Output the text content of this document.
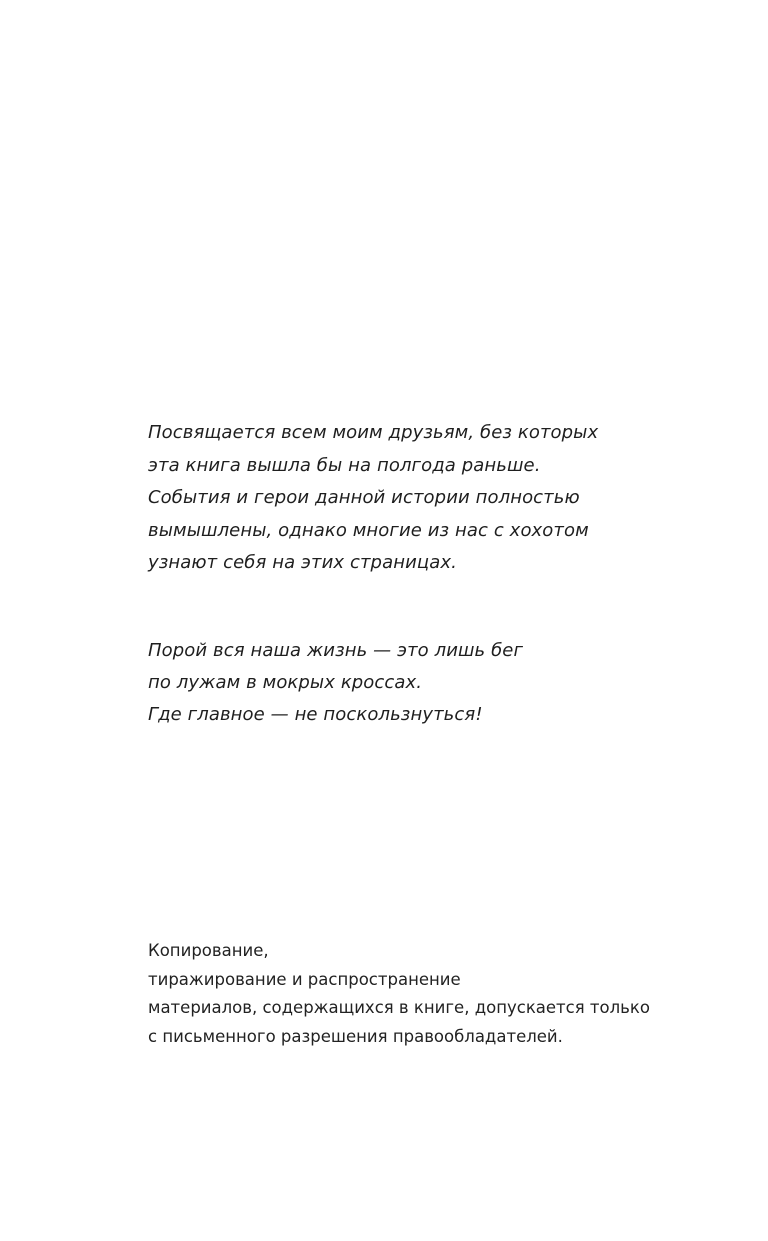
Посвящается всем моим друзьям, без которых
эта книга вышла бы на полгода раньше.
События и герои данной истории полностью
вымышлены, однако многие из нас с хохотом
узнают себя на этих страницах.
Порой вся наша жизнь — это лишь бег
по лужам в мокрых кроссах.
Где главное — не поскользнуться!
Копирование,
тиражирование и распространение
материалов, содержащихся в книге, допускается только
с письменного разрешения правообладателей.
